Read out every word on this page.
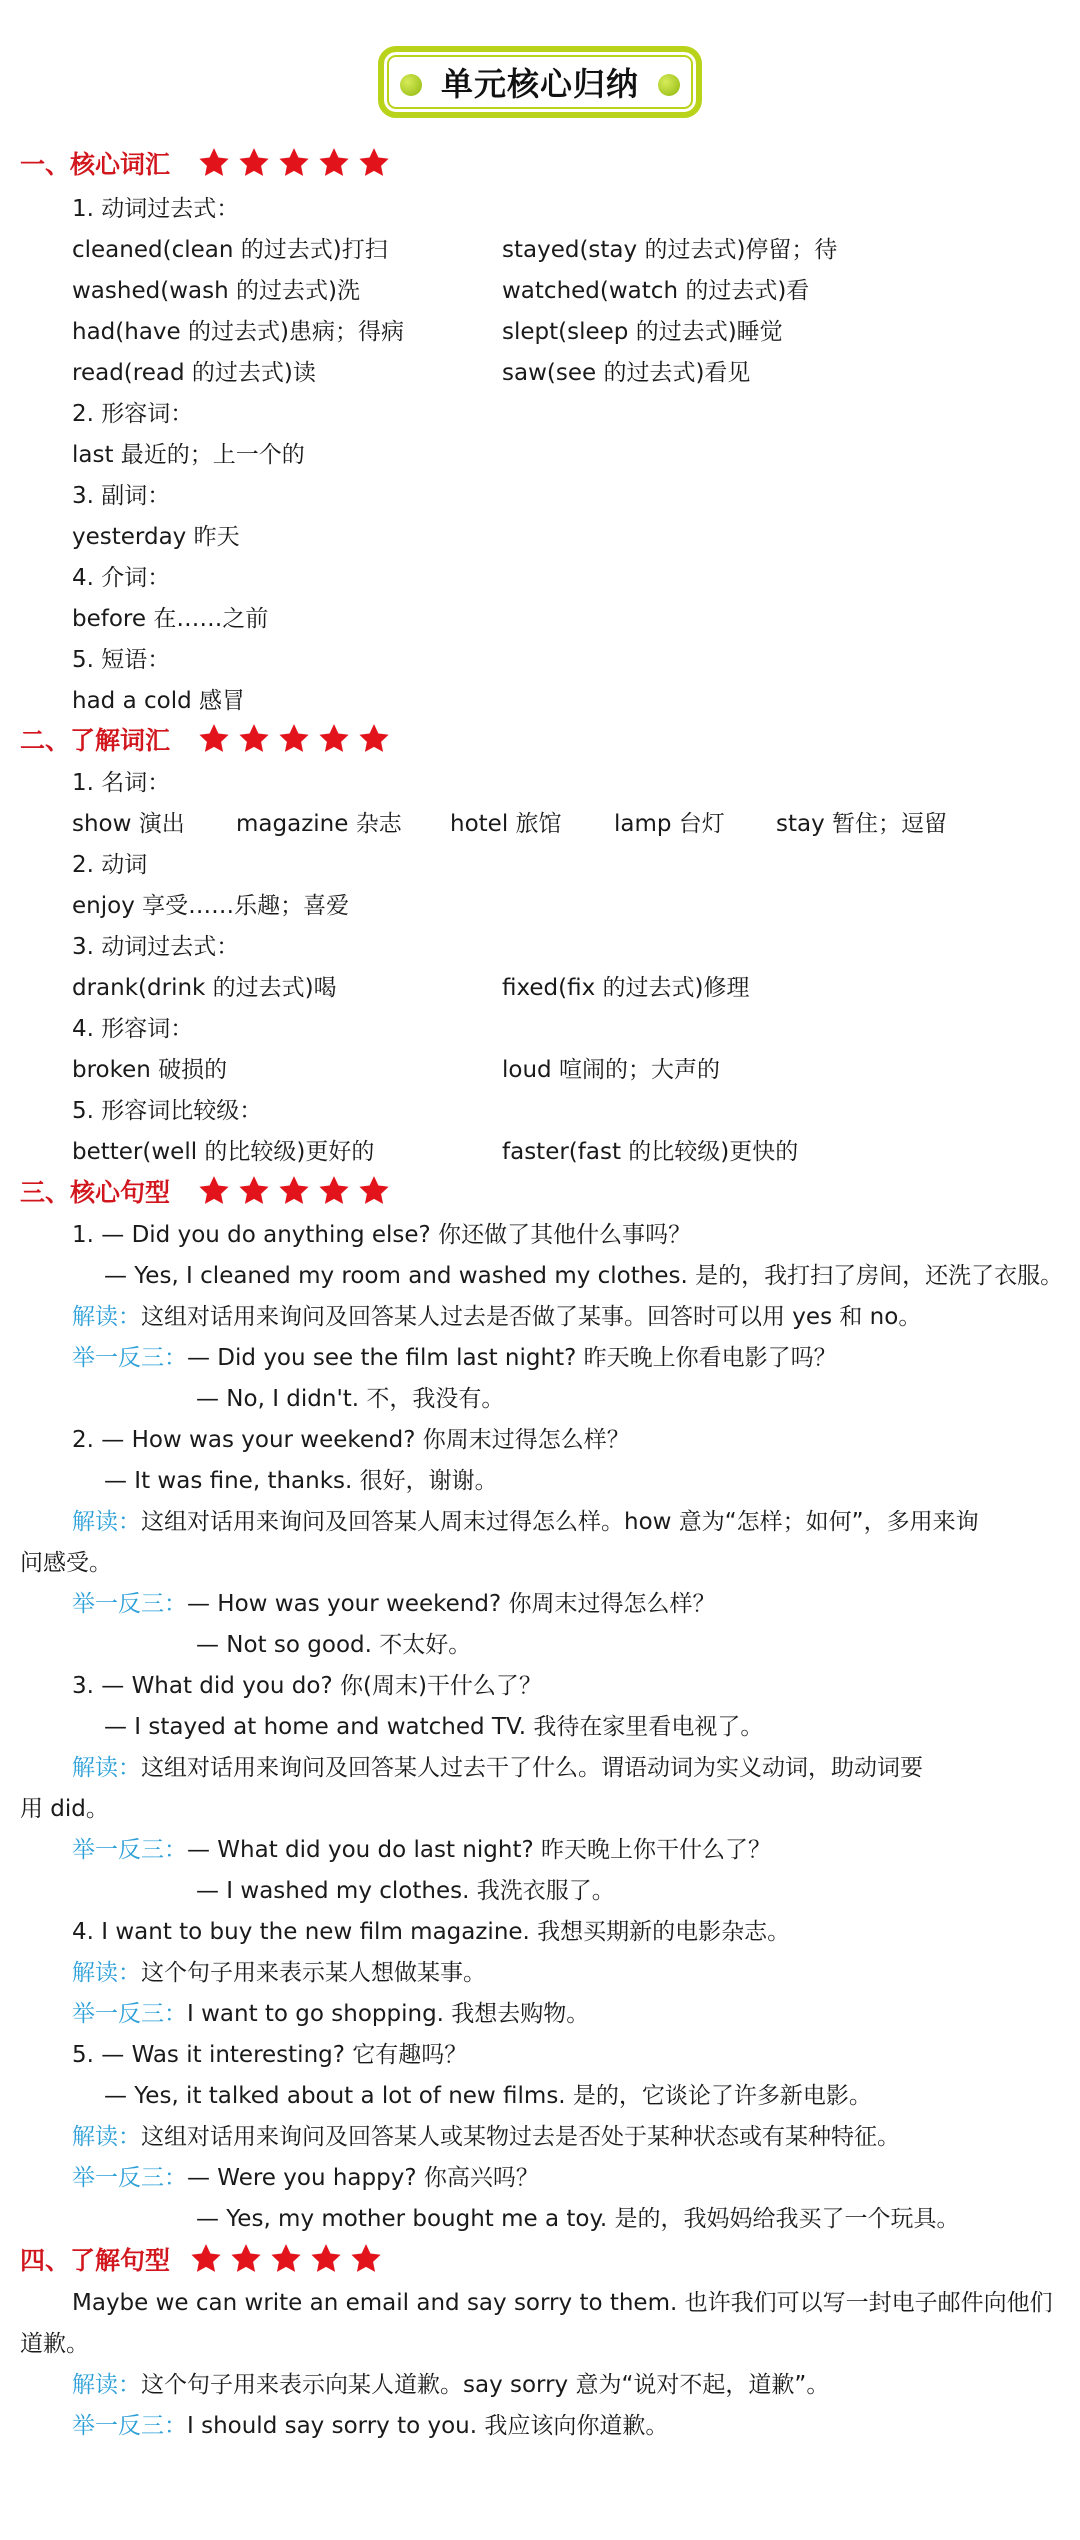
单元核心归纳
一、核心词汇
1. 动词过去式：
cleaned(clean 的过去式)打扫	stayed(stay 的过去式)停留；待
washed(wash 的过去式)洗	watched(watch 的过去式)看
had(have 的过去式)患病；得病	slept(sleep 的过去式)睡觉
read(read 的过去式)读	saw(see 的过去式)看见
2. 形容词：
last 最近的；上一个的
3. 副词：
yesterday 昨天
4. 介词：
before 在……之前
5. 短语：
had a cold 感冒
二、了解词汇
1. 名词：
show 演出 magazine 杂志 hotel 旅馆 lamp 台灯 stay 暂住；逗留
2. 动词
enjoy 享受……乐趣；喜爱
3. 动词过去式：
drank(drink 的过去式)喝	fixed(fix 的过去式)修理
4. 形容词：
broken 破损的	loud 喧闹的；大声的
5. 形容词比较级：
better(well 的比较级)更好的	faster(fast 的比较级)更快的
三、核心句型
1. — Did you do anything else? 你还做了其他什么事吗？
— Yes, I cleaned my room and washed my clothes. 是的，我打扫了房间，还洗了衣服。
解读：这组对话用来询问及回答某人过去是否做了某事。回答时可以用 yes 和 no。
举一反三：— Did you see the film last night? 昨天晚上你看电影了吗？
— No, I didn't. 不，我没有。
2. — How was your weekend? 你周末过得怎么样？
— It was fine, thanks. 很好，谢谢。
解读：这组对话用来询问及回答某人周末过得怎么样。how 意为“怎样；如何”，多用来询
问感受。
举一反三：— How was your weekend? 你周末过得怎么样？
— Not so good. 不太好。
3. — What did you do? 你(周末)干什么了？
— I stayed at home and watched TV. 我待在家里看电视了。
解读：这组对话用来询问及回答某人过去干了什么。谓语动词为实义动词，助动词要
用 did。
举一反三：— What did you do last night? 昨天晚上你干什么了？
— I washed my clothes. 我洗衣服了。
4. I want to buy the new film magazine. 我想买期新的电影杂志。
解读：这个句子用来表示某人想做某事。
举一反三：I want to go shopping. 我想去购物。
5. — Was it interesting? 它有趣吗？
— Yes, it talked about a lot of new films. 是的，它谈论了许多新电影。
解读：这组对话用来询问及回答某人或某物过去是否处于某种状态或有某种特征。
举一反三：— Were you happy? 你高兴吗？
— Yes, my mother bought me a toy. 是的，我妈妈给我买了一个玩具。
四、了解句型
Maybe we can write an email and say sorry to them. 也许我们可以写一封电子邮件向他们
道歉。
解读：这个句子用来表示向某人道歉。say sorry 意为“说对不起，道歉”。
举一反三：I should say sorry to you. 我应该向你道歉。
